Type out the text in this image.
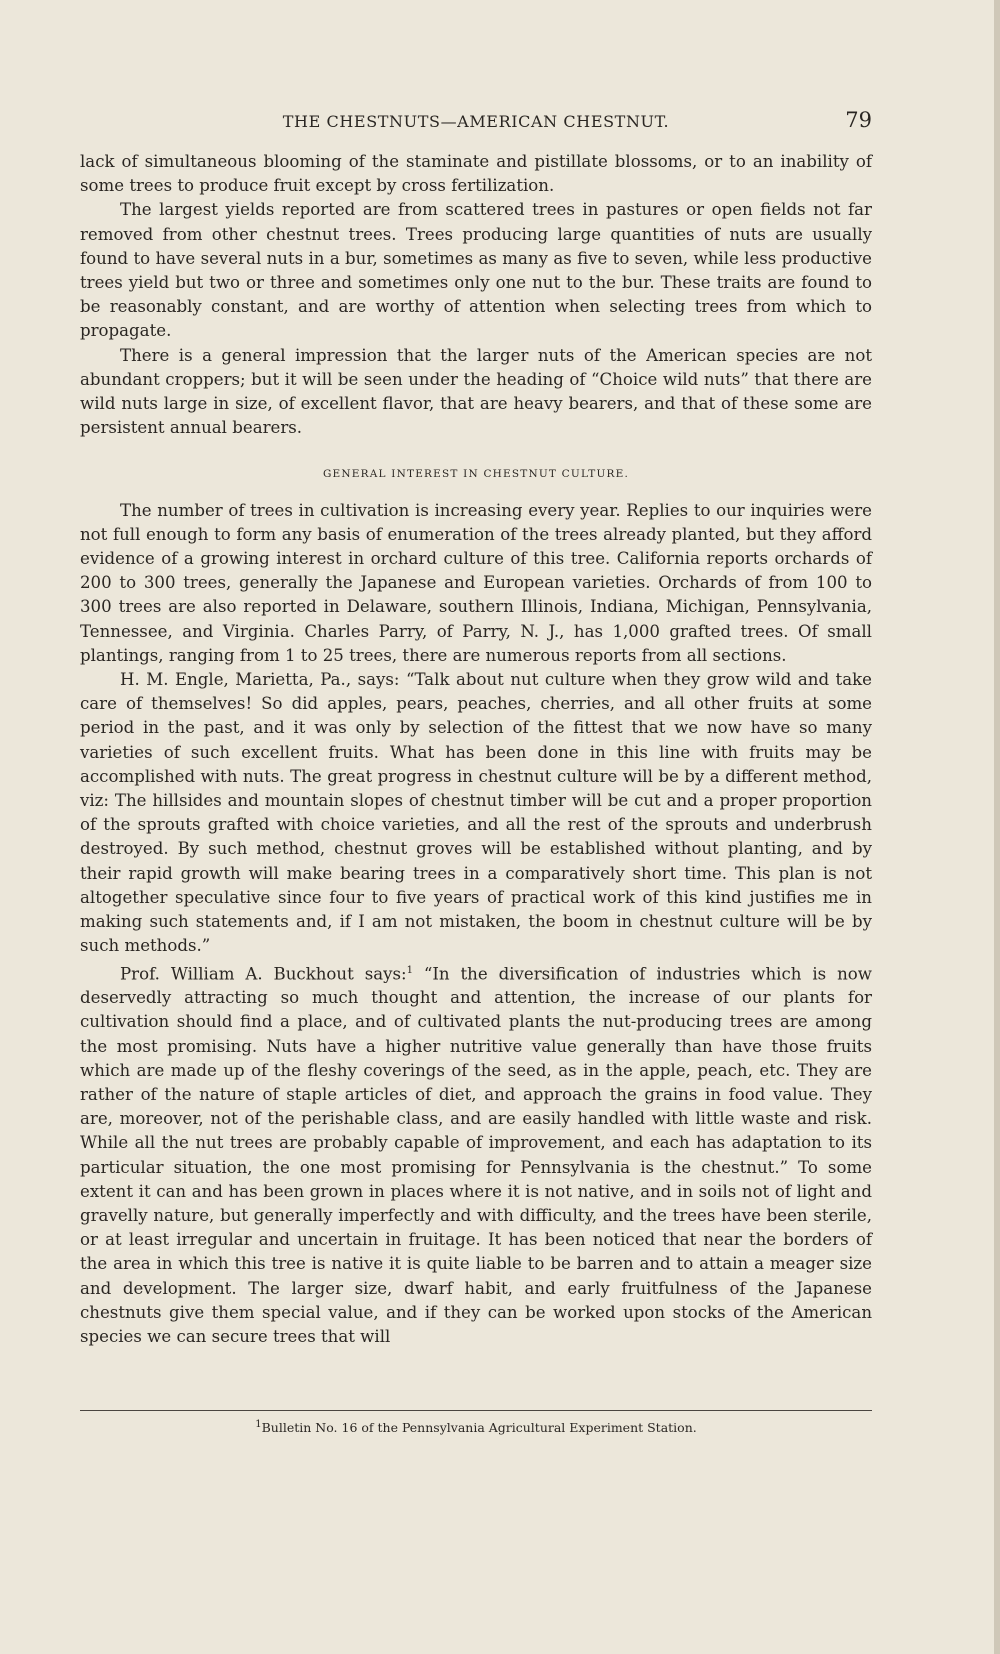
THE CHESTNUTS—AMERICAN CHESTNUT.	79

lack of simultaneous blooming of the staminate and pistillate blossoms, or to an inability of some trees to produce fruit except by cross fertilization.

The largest yields reported are from scattered trees in pastures or open fields not far removed from other chestnut trees. Trees producing large quantities of nuts are usually found to have several nuts in a bur, sometimes as many as five to seven, while less productive trees yield but two or three and sometimes only one nut to the bur. These traits are found to be reasonably constant, and are worthy of attention when selecting trees from which to propagate.

There is a general impression that the larger nuts of the American species are not abundant croppers; but it will be seen under the heading of “Choice wild nuts” that there are wild nuts large in size, of excellent flavor, that are heavy bearers, and that of these some are persistent annual bearers.

GENERAL INTEREST IN CHESTNUT CULTURE.

The number of trees in cultivation is increasing every year. Replies to our inquiries were not full enough to form any basis of enumeration of the trees already planted, but they afford evidence of a growing interest in orchard culture of this tree. California reports orchards of 200 to 300 trees, generally the Japanese and European varieties. Orchards of from 100 to 300 trees are also reported in Delaware, southern Illinois, Indiana, Michigan, Pennsylvania, Tennessee, and Virginia. Charles Parry, of Parry, N. J., has 1,000 grafted trees. Of small plantings, ranging from 1 to 25 trees, there are numerous reports from all sections.

H. M. Engle, Marietta, Pa., says: “Talk about nut culture when they grow wild and take care of themselves! So did apples, pears, peaches, cherries, and all other fruits at some period in the past, and it was only by selection of the fittest that we now have so many varieties of such excellent fruits. What has been done in this line with fruits may be accomplished with nuts. The great progress in chestnut culture will be by a different method, viz: The hillsides and mountain slopes of chestnut timber will be cut and a proper proportion of the sprouts grafted with choice varieties, and all the rest of the sprouts and underbrush destroyed. By such method, chestnut groves will be established without planting, and by their rapid growth will make bearing trees in a comparatively short time. This plan is not altogether speculative since four to five years of practical work of this kind justifies me in making such statements and, if I am not mistaken, the boom in chestnut culture will be by such methods.”

Prof. William A. Buckhout says:$^1$ “In the diversification of industries which is now deservedly attracting so much thought and attention, the increase of our plants for cultivation should find a place, and of cultivated plants the nut-producing trees are among the most promising. Nuts have a higher nutritive value generally than have those fruits which are made up of the fleshy coverings of the seed, as in the apple, peach, etc. They are rather of the nature of staple articles of diet, and approach the grains in food value. They are, moreover, not of the perishable class, and are easily handled with little waste and risk. While all the nut trees are probably capable of improvement, and each has adaptation to its particular situation, the one most promising for Pennsylvania is the chestnut.” To some extent it can and has been grown in places where it is not native, and in soils not of light and gravelly nature, but generally imperfectly and with difficulty, and the trees have been sterile, or at least irregular and uncertain in fruitage. It has been noticed that near the borders of the area in which this tree is native it is quite liable to be barren and to attain a meager size and development. The larger size, dwarf habit, and early fruitfulness of the Japanese chestnuts give them special value, and if they can be worked upon stocks of the American species we can secure trees that will

$^1$Bulletin No. 16 of the Pennsylvania Agricultural Experiment Station.
